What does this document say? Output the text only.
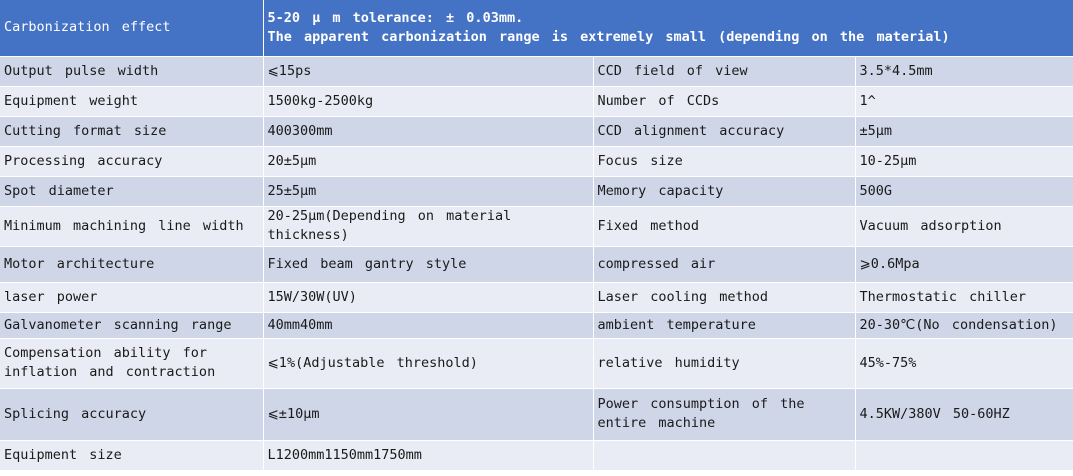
Carbonization effect	5-20 μ m tolerance: ± 0.03mm.
The apparent carbonization range is extremely small (depending on the material)		

Output pulse width	⩽15ps	CCD field of view	3.5*4.5mm
Equipment weight	1500kg-2500kg	Number of CCDs	1^
Cutting format size	400300mm	CCD alignment accuracy	±5μm
Processing accuracy	20±5μm	Focus size	10-25μm
Spot diameter	25±5μm	Memory capacity	500G
Minimum machining line width	20-25μm(Depending on material thickness)	Fixed method	Vacuum adsorption
Motor architecture	Fixed beam gantry style	compressed air	⩾0.6Mpa
laser power	15W/30W(UV)	Laser cooling method	Thermostatic chiller
Galvanometer scanning range	40mm40mm	ambient temperature	20-30℃(No condensation)
Compensation ability for inflation and contraction	⩽1%(Adjustable threshold)	relative humidity	45%-75%
Splicing accuracy	⩽±10μm	Power consumption of the entire machine	4.5KW/380V 50-60HZ
Equipment size	L1200mm1150mm1750mm		
